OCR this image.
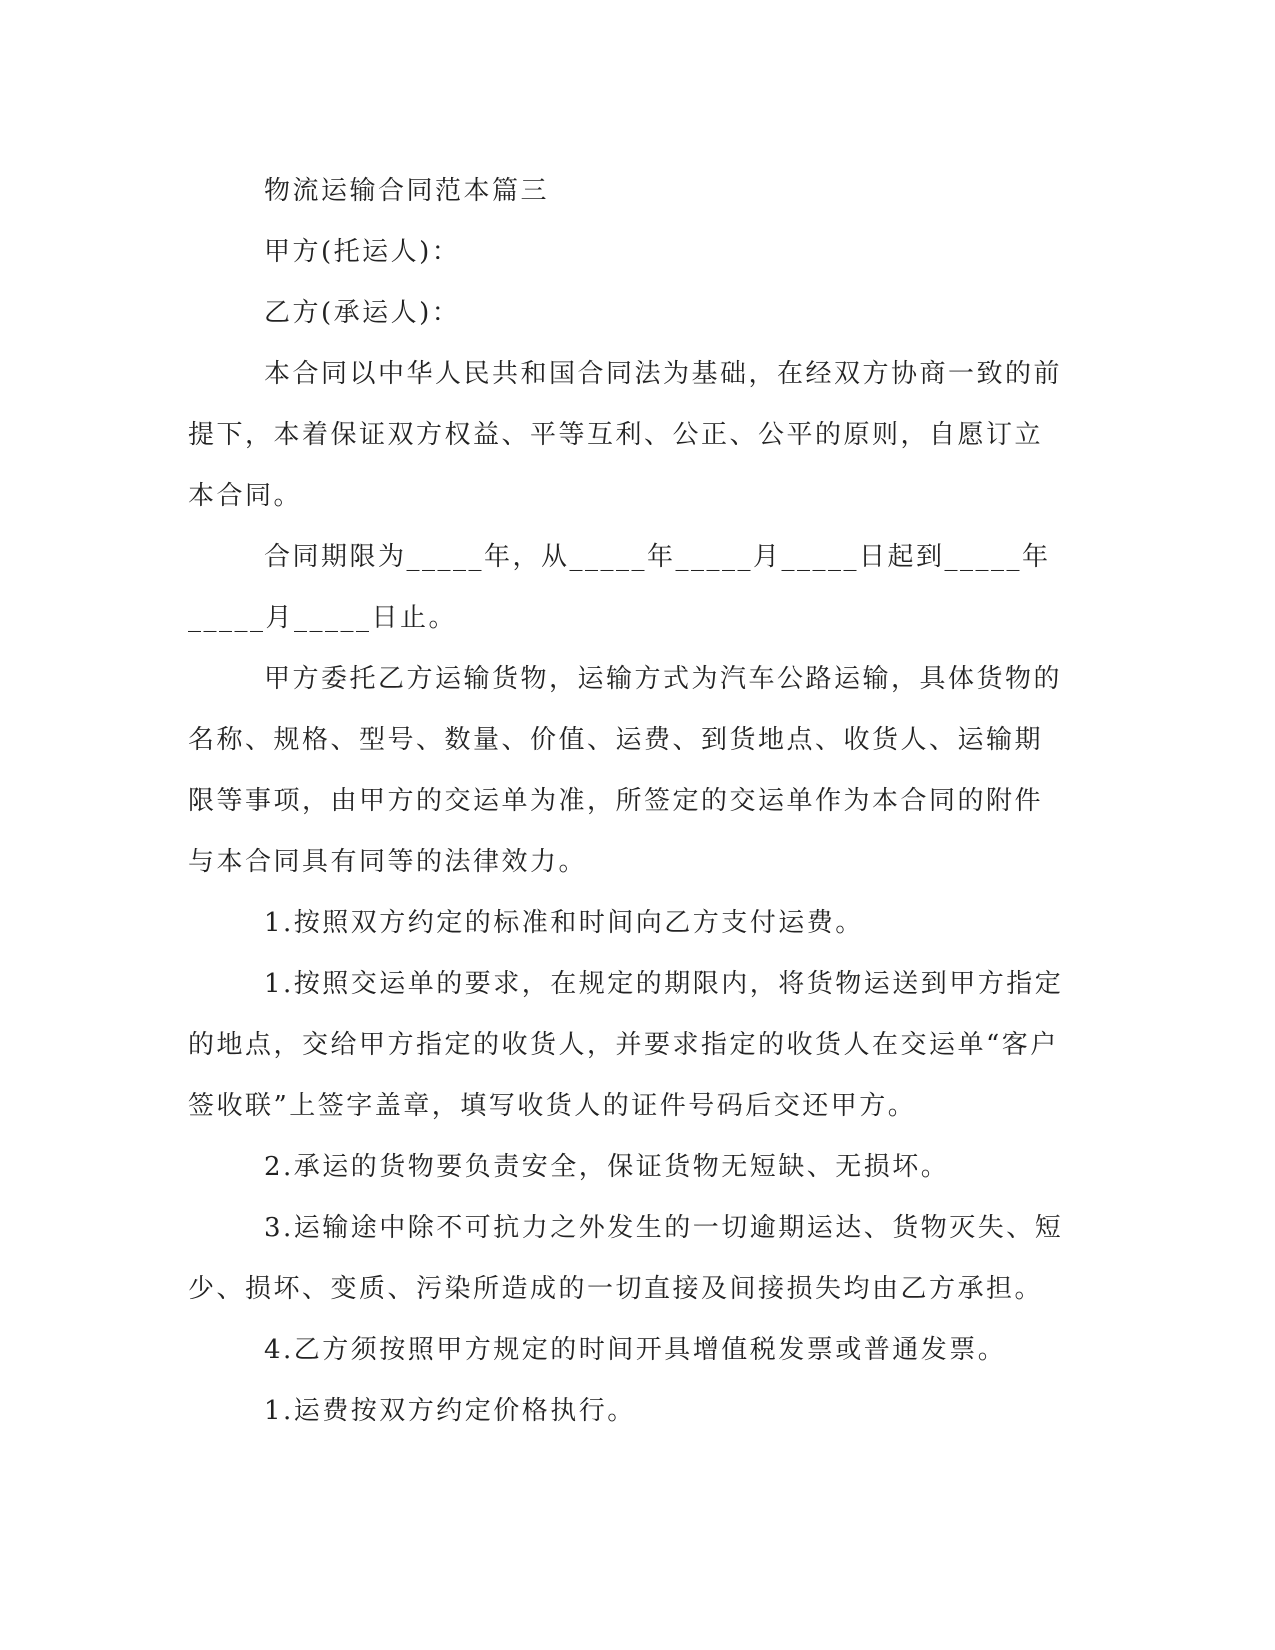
物流运输合同范本篇三

甲方(托运人)：

乙方(承运人)：

本合同以中华人民共和国合同法为基础，在经双方协商一致的前提下，本着保证双方权益、平等互利、公正、公平的原则，自愿订立本合同。

合同期限为_____年，从_____年_____月_____日起到_____年_____月_____日止。

甲方委托乙方运输货物，运输方式为汽车公路运输，具体货物的名称、规格、型号、数量、价值、运费、到货地点、收货人、运输期限等事项，由甲方的交运单为准，所签定的交运单作为本合同的附件与本合同具有同等的法律效力。

1.按照双方约定的标准和时间向乙方支付运费。

1.按照交运单的要求，在规定的期限内，将货物运送到甲方指定的地点，交给甲方指定的收货人，并要求指定的收货人在交运单“客户签收联”上签字盖章，填写收货人的证件号码后交还甲方。

2.承运的货物要负责安全，保证货物无短缺、无损坏。

3.运输途中除不可抗力之外发生的一切逾期运达、货物灭失、短少、损坏、变质、污染所造成的一切直接及间接损失均由乙方承担。

4.乙方须按照甲方规定的时间开具增值税发票或普通发票。

1.运费按双方约定价格执行。
